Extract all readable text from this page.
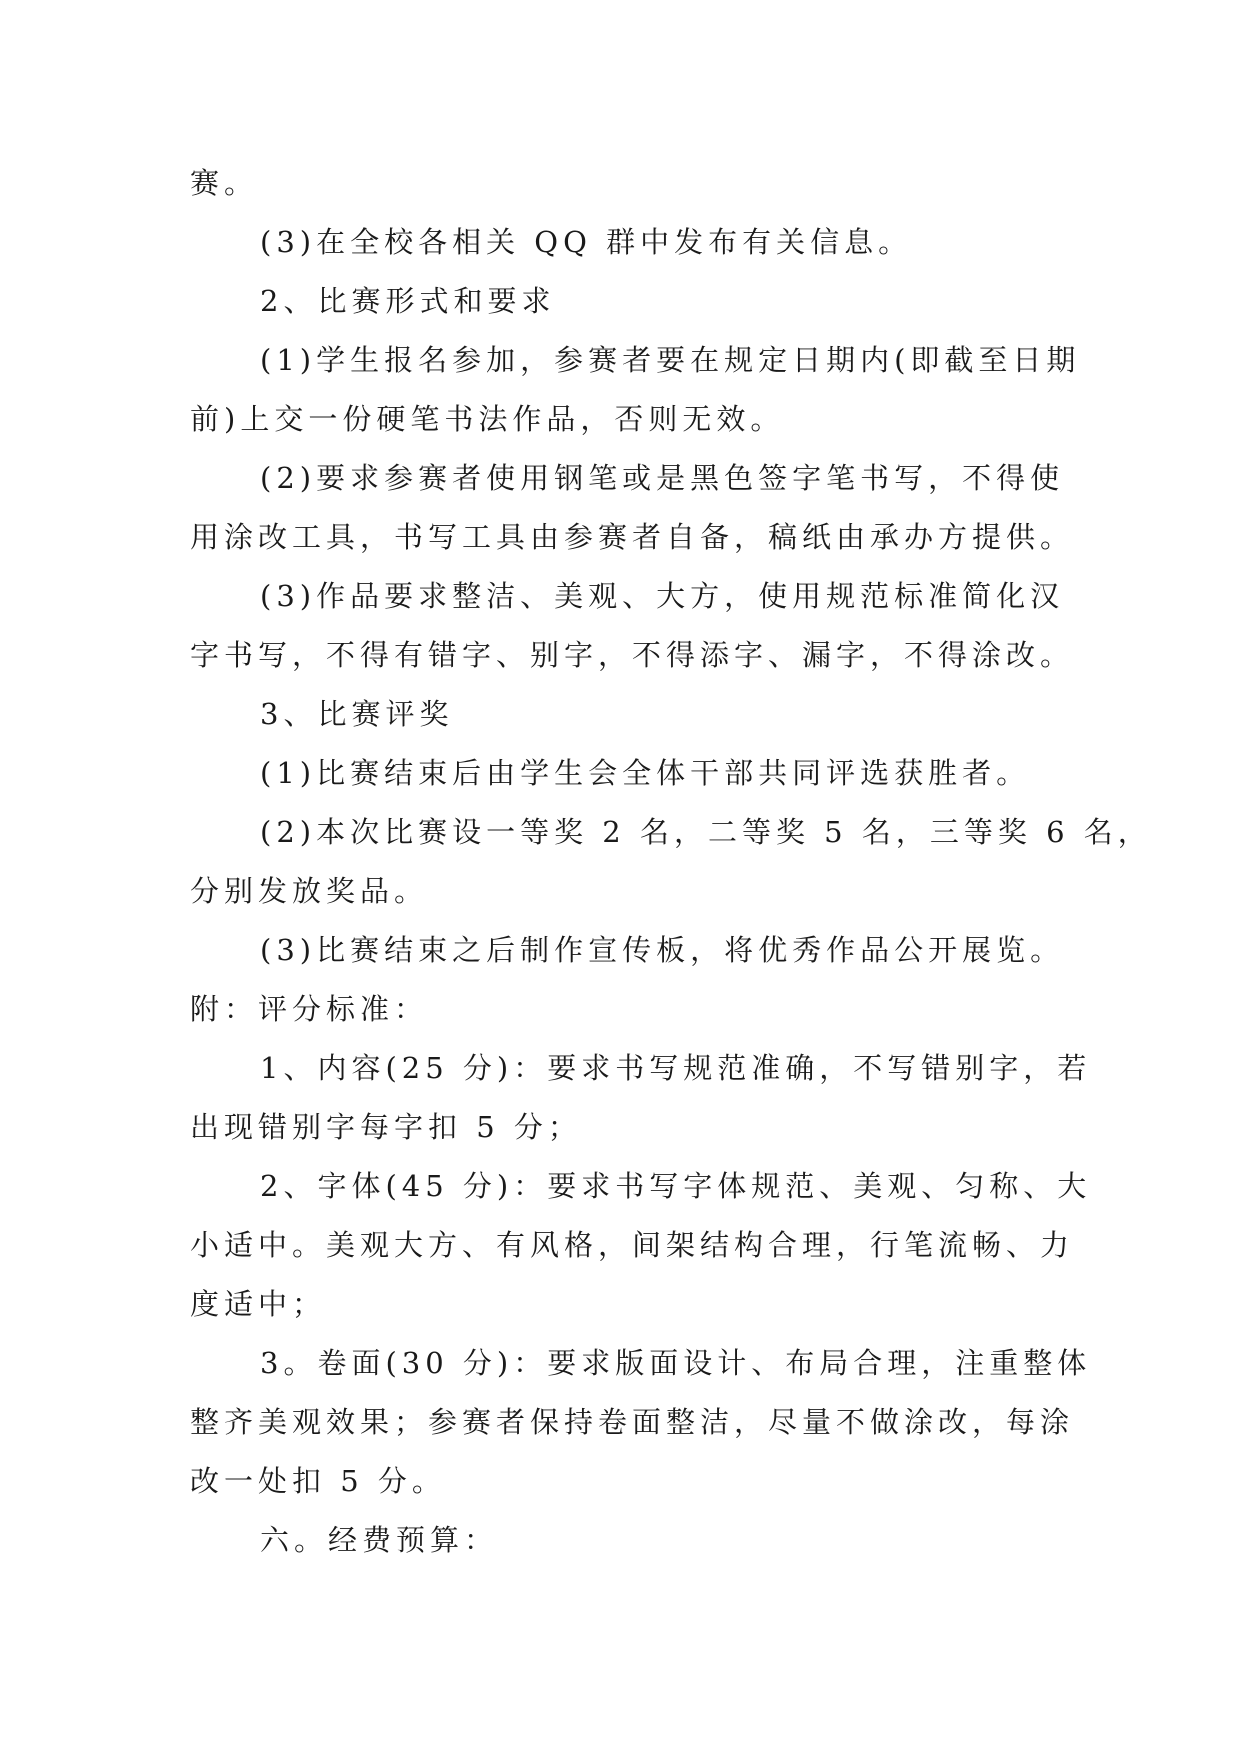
赛。
(3)在全校各相关 QQ 群中发布有关信息。
2、比赛形式和要求
(1)学生报名参加，参赛者要在规定日期内(即截至日期
前)上交一份硬笔书法作品，否则无效。
(2)要求参赛者使用钢笔或是黑色签字笔书写，不得使
用涂改工具，书写工具由参赛者自备，稿纸由承办方提供。
(3)作品要求整洁、美观、大方，使用规范标准简化汉
字书写，不得有错字、别字，不得添字、漏字，不得涂改。
3、比赛评奖
(1)比赛结束后由学生会全体干部共同评选获胜者。
(2)本次比赛设一等奖 2 名，二等奖 5 名，三等奖 6 名，
分别发放奖品。
(3)比赛结束之后制作宣传板，将优秀作品公开展览。
附：评分标准：
1、内容(25 分)：要求书写规范准确，不写错别字，若
出现错别字每字扣 5 分；
2、字体(45 分)：要求书写字体规范、美观、匀称、大
小适中。美观大方、有风格，间架结构合理，行笔流畅、力
度适中；
3。卷面(30 分)：要求版面设计、布局合理，注重整体
整齐美观效果；参赛者保持卷面整洁，尽量不做涂改，每涂
改一处扣 5 分。
六。经费预算：
